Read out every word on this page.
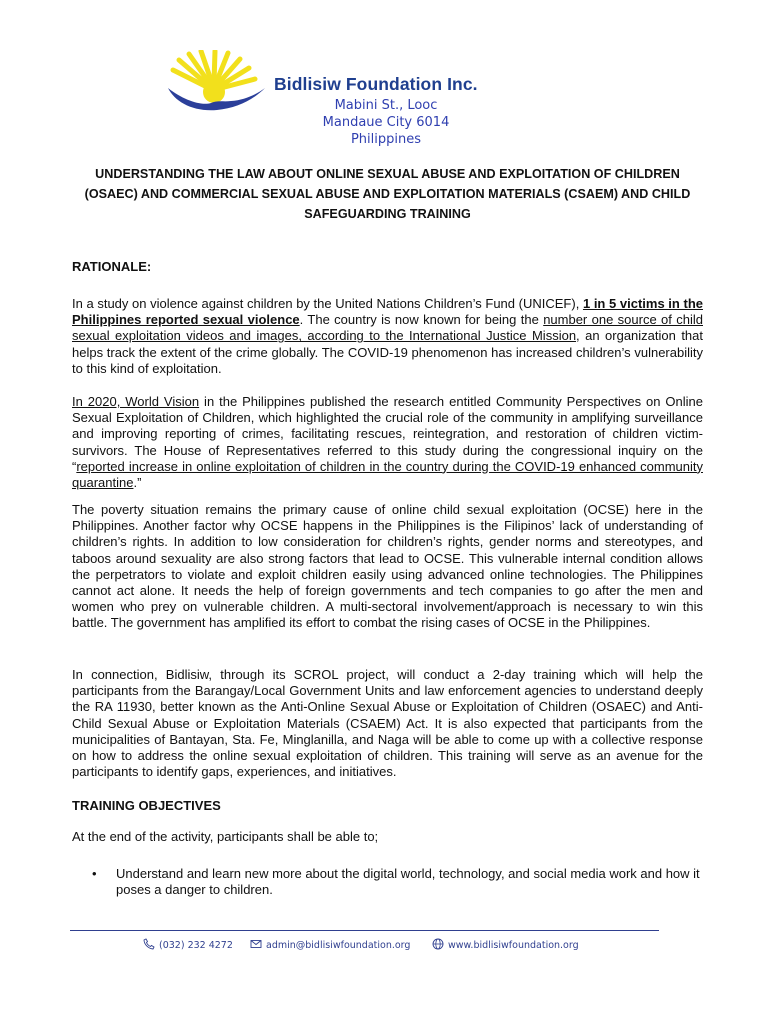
Bidlisiw Foundation Inc.
Mabini St., Looc
Mandaue City 6014
Philippines
UNDERSTANDING THE LAW ABOUT ONLINE SEXUAL ABUSE AND EXPLOITATION OF CHILDREN (OSAEC) AND COMMERCIAL SEXUAL ABUSE AND EXPLOITATION MATERIALS (CSAEM) AND CHILD SAFEGUARDING TRAINING
RATIONALE:
In a study on violence against children by the United Nations Children’s Fund (UNICEF), 1 in 5 victims in the Philippines reported sexual violence. The country is now known for being the number one source of child sexual exploitation videos and images, according to the International Justice Mission, an organization that helps track the extent of the crime globally. The COVID-19 phenomenon has increased children’s vulnerability to this kind of exploitation.
In 2020, World Vision in the Philippines published the research entitled Community Perspectives on Online Sexual Exploitation of Children, which highlighted the crucial role of the community in amplifying surveillance and improving reporting of crimes, facilitating rescues, reintegration, and restoration of children victim-survivors. The House of Representatives referred to this study during the congressional inquiry on the “reported increase in online exploitation of children in the country during the COVID-19 enhanced community quarantine.”
The poverty situation remains the primary cause of online child sexual exploitation (OCSE) here in the Philippines. Another factor why OCSE happens in the Philippines is the Filipinos’ lack of understanding of children’s rights. In addition to low consideration for children’s rights, gender norms and stereotypes, and taboos around sexuality are also strong factors that lead to OCSE. This vulnerable internal condition allows the perpetrators to violate and exploit children easily using advanced online technologies. The Philippines cannot act alone. It needs the help of foreign governments and tech companies to go after the men and women who prey on vulnerable children. A multi-sectoral involvement/approach is necessary to win this battle. The government has amplified its effort to combat the rising cases of OCSE in the Philippines.
In connection, Bidlisiw, through its SCROL project, will conduct a 2-day training which will help the participants from the Barangay/Local Government Units and law enforcement agencies to understand deeply the RA 11930, better known as the Anti-Online Sexual Abuse or Exploitation of Children (OSAEC) and Anti-Child Sexual Abuse or Exploitation Materials (CSAEM) Act. It is also expected that participants from the municipalities of Bantayan, Sta. Fe, Minglanilla, and Naga will be able to come up with a collective response on how to address the online sexual exploitation of children. This training will serve as an avenue for the participants to identify gaps, experiences, and initiatives.
TRAINING OBJECTIVES
At the end of the activity, participants shall be able to;
• Understand and learn new more about the digital world, technology, and social media work and how it poses a danger to children.
(032) 232 4272	admin@bidlisiwfoundation.org	www.bidlisiwfoundation.org
